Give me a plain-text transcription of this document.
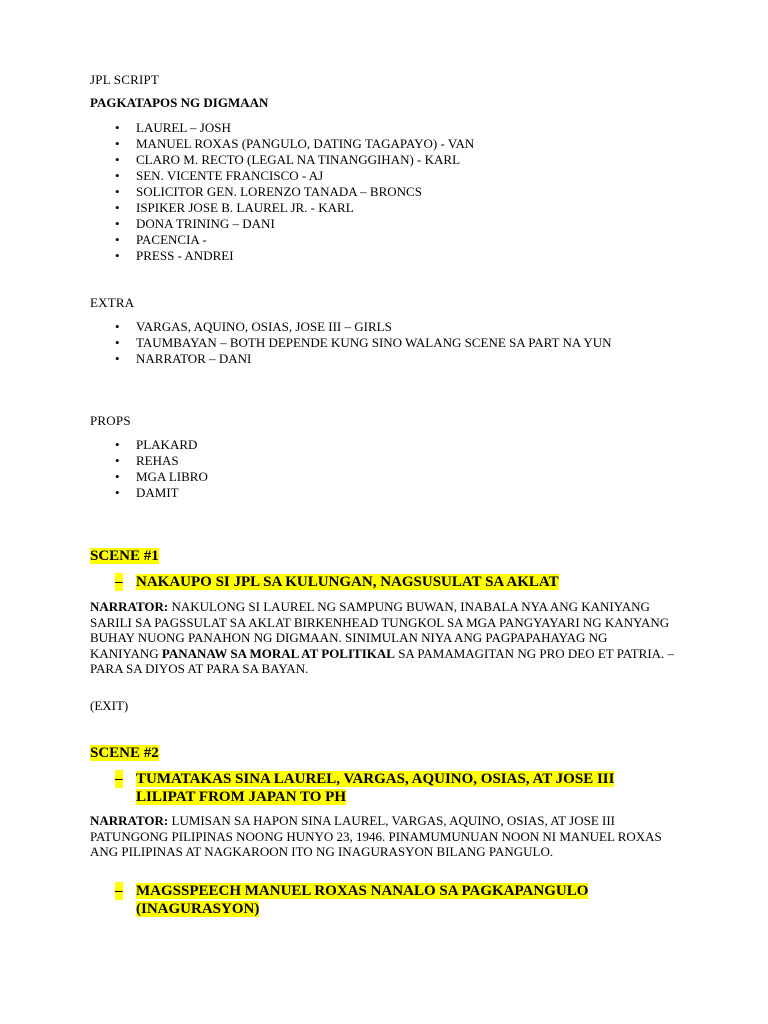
JPL SCRIPT
PAGKATAPOS NG DIGMAAN
• LAUREL – JOSH
• MANUEL ROXAS (PANGULO, DATING TAGAPAYO) - VAN
• CLARO M. RECTO (LEGAL NA TINANGGIHAN) - KARL
• SEN. VICENTE FRANCISCO - AJ
• SOLICITOR GEN. LORENZO TANADA – BRONCS
• ISPIKER JOSE B. LAUREL JR. - KARL
• DONA TRINING – DANI
• PACENCIA -
• PRESS - ANDREI
EXTRA
• VARGAS, AQUINO, OSIAS, JOSE III – GIRLS
• TAUMBAYAN – BOTH DEPENDE KUNG SINO WALANG SCENE SA PART NA YUN
• NARRATOR – DANI
PROPS
• PLAKARD
• REHAS
• MGA LIBRO
• DAMIT
SCENE #1
– NAKAUPO SI JPL SA KULUNGAN, NAGSUSULAT SA AKLAT
NARRATOR: NAKULONG SI LAUREL NG SAMPUNG BUWAN, INABALA NYA ANG KANIYANG SARILI SA PAGSSULAT SA AKLAT BIRKENHEAD TUNGKOL SA MGA PANGYAYARI NG KANYANG BUHAY NUONG PANAHON NG DIGMAAN. SINIMULAN NIYA ANG PAGPAPAHAYAG NG KANIYANG PANANAW SA MORAL AT POLITIKAL SA PAMAMAGITAN NG PRO DEO ET PATRIA. – PARA SA DIYOS AT PARA SA BAYAN.
(EXIT)
SCENE #2
– TUMATAKAS SINA LAUREL, VARGAS, AQUINO, OSIAS, AT JOSE III LILIPAT FROM JAPAN TO PH
NARRATOR: LUMISAN SA HAPON SINA LAUREL, VARGAS, AQUINO, OSIAS, AT JOSE III PATUNGONG PILIPINAS NOONG HUNYO 23, 1946. PINAMUMUNUAN NOON NI MANUEL ROXAS ANG PILIPINAS AT NAGKAROON ITO NG INAGURASYON BILANG PANGULO.
– MAGSSPEECH MANUEL ROXAS NANALO SA PAGKAPANGULO (INAGURASYON)
